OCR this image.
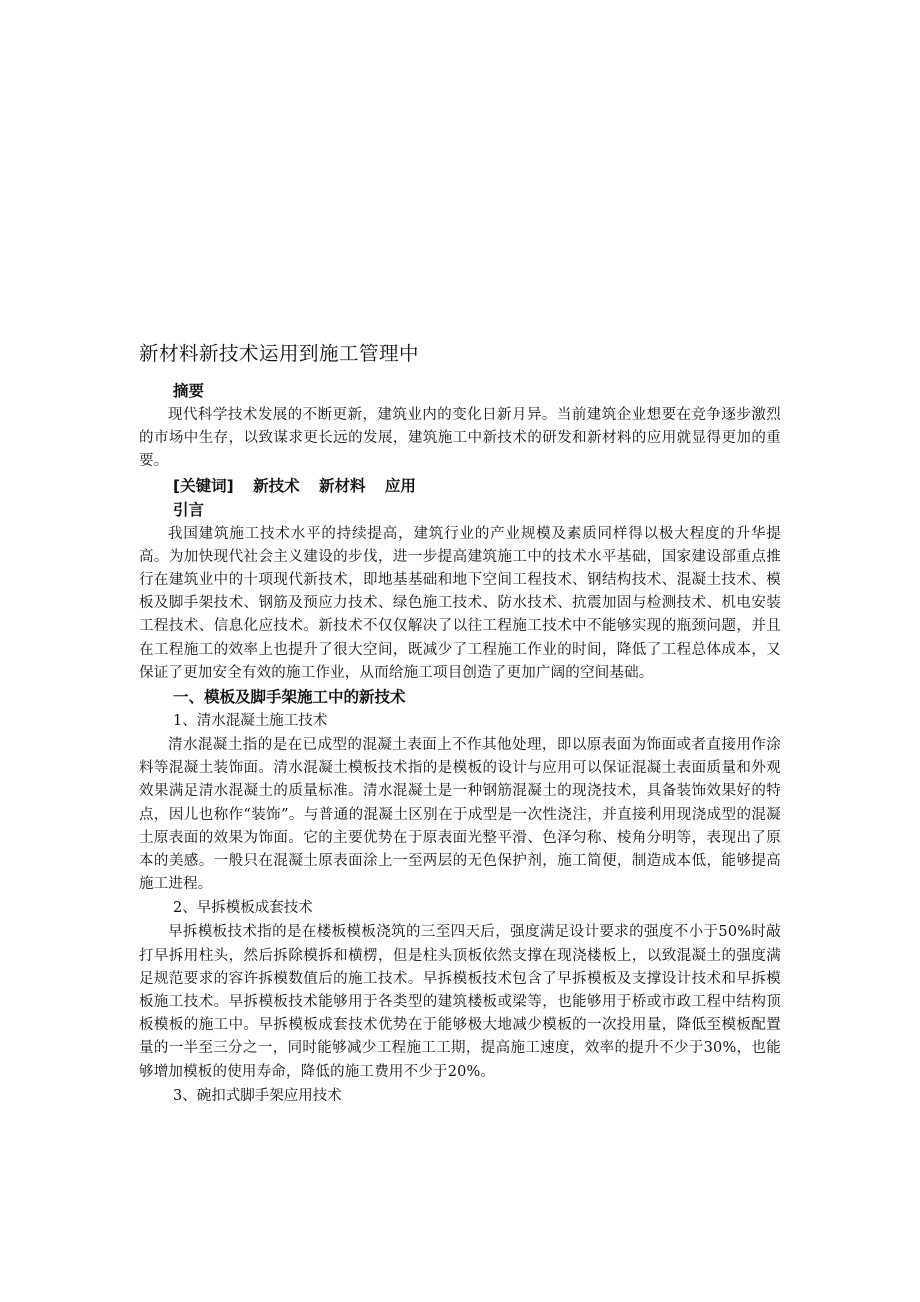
新材料新技术运用到施工管理中
摘要

现代科学技术发展的不断更新，建筑业内的变化日新月异。当前建筑企业想要在竞争逐步激烈的市场中生存，以致谋求更长远的发展，建筑施工中新技术的研发和新材料的应用就显得更加的重要。

[关键词] 新技术 新材料 应用
引言

我国建筑施工技术水平的持续提高，建筑行业的产业规模及素质同样得以极大程度的升华提高。为加快现代社会主义建设的步伐，进一步提高建筑施工中的技术水平基础，国家建设部重点推行在建筑业中的十项现代新技术，即地基基础和地下空间工程技术、钢结构技术、混凝土技术、模板及脚手架技术、钢筋及预应力技术、绿色施工技术、防水技术、抗震加固与检测技术、机电安装工程技术、信息化应技术。新技术不仅仅解决了以往工程施工技术中不能够实现的瓶颈问题，并且在工程施工的效率上也提升了很大空间，既减少了工程施工作业的时间，降低了工程总体成本，又保证了更加安全有效的施工作业，从而给施工项目创造了更加广阔的空间基础。

一、模板及脚手架施工中的新技术
1、清水混凝土施工技术

清水混凝土指的是在已成型的混凝土表面上不作其他处理，即以原表面为饰面或者直接用作涂料等混凝土装饰面。清水混凝土模板技术指的是模板的设计与应用可以保证混凝土表面质量和外观效果满足清水混凝土的质量标准。清水混凝土是一种钢筋混凝土的现浇技术，具备装饰效果好的特点，因儿也称作“装饰”。与普通的混凝土区别在于成型是一次性浇注，并直接利用现浇成型的混凝土原表面的效果为饰面。它的主要优势在于原表面光整平滑、色泽匀称、棱角分明等，表现出了原本的美感。一般只在混凝土原表面涂上一至两层的无色保护剂，施工简便，制造成本低，能够提高施工进程。

2、早拆模板成套技术

早拆模板技术指的是在楼板模板浇筑的三至四天后，强度满足设计要求的强度不小于50%时敲打早拆用柱头，然后拆除模拆和横楞，但是柱头顶板依然支撑在现浇楼板上，以致混凝土的强度满足规范要求的容许拆模数值后的施工技术。早拆模板技术包含了早拆模板及支撑设计技术和早拆模板施工技术。早拆模板技术能够用于各类型的建筑楼板或梁等，也能够用于桥或市政工程中结构顶板模板的施工中。早拆模板成套技术优势在于能够极大地减少模板的一次投用量，降低至模板配置量的一半至三分之一，同时能够减少工程施工工期，提高施工速度，效率的提升不少于30%，也能够增加模板的使用寿命，降低的施工费用不少于20%。

3、碗扣式脚手架应用技术
